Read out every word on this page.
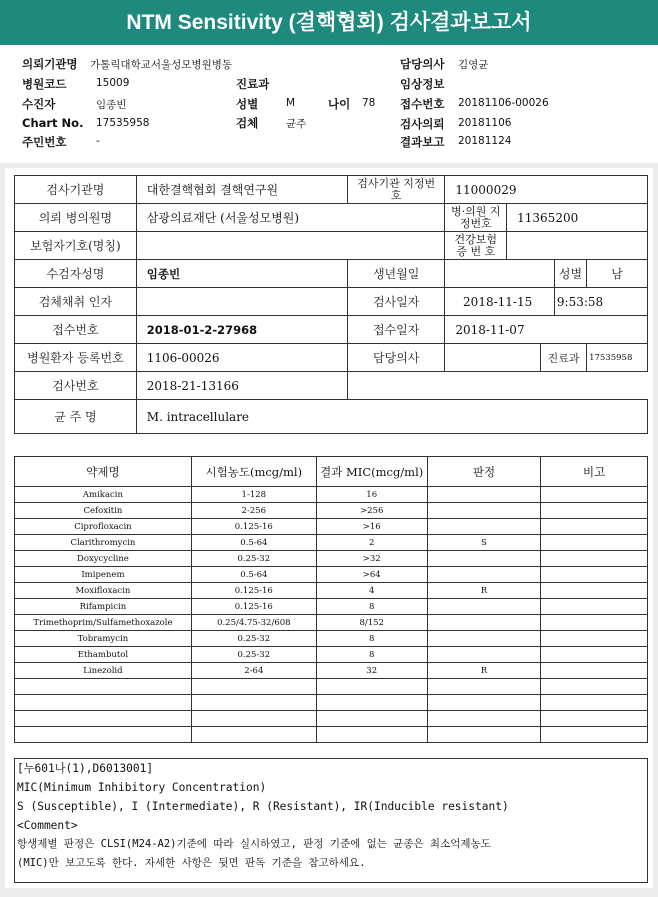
NTM Sensitivity (결핵협회) 검사결과보고서
의뢰기관명 가톨릭대학교서울성모병원병동
병원코드	15009
수진자	임종빈
Chart No. 17535958
주민번호	-
진료과
성별	M	나이 78
검체	균주
담당의사 김영균
임상정보
접수번호 20181106-00026
검사의뢰 20181106
결과보고 20181124
검사기관명	대한결핵협회 결핵연구원	검사기관 지정번호	11000029				
의뢰 병의원명	삼광의료재단 (서울성모병원)		병·의원 지정번호	11365200			
보험자기호(명칭)			건강보험 증 번 호				
수검자성명	임종빈	생년월일				성별	남
검체채취 인자		검사일자	2018-11-15			9:53:58	
접수번호	2018-01-2-27968	접수일자	2018-11-07				
병원환자 등록번호	1106-00026	담당의사			진료과		17535958
검사번호	2018-21-13166						
균 주 명	M. intracellulare						
약제명	시험농도(mcg/ml)	결과 MIC(mcg/ml)	판정	비고
Amikacin	1-128	16		
Cefoxitin	2-256	>256		
Ciprofloxacin	0.125-16	>16		
Clarithromycin	0.5-64	2	S	
Doxycycline	0.25-32	>32		
Imipenem	0.5-64	>64		
Moxifloxacin	0.125-16	4	R	
Rifampicin	0.125-16	8		
Trimethoprim/Sulfamethoxazole	0.25/4.75-32/608	8/152		
Tobramycin	0.25-32	8		
Ethambutol	0.25-32	8		
Linezolid	2-64	32	R	

[누601나(1),D6013001]
MIC(Minimum Inhibitory Concentration)
S (Susceptible), I (Intermediate), R (Resistant), IR(Inducible resistant)
<Comment>
항생제별 판정은 CLSI(M24-A2)기준에 따라 실시하였고, 판정 기준에 없는 균종은 최소억제농도
(MIC)만 보고도록 한다. 자세한 사항은 뒷면 판독 기준을 참고하세요.
